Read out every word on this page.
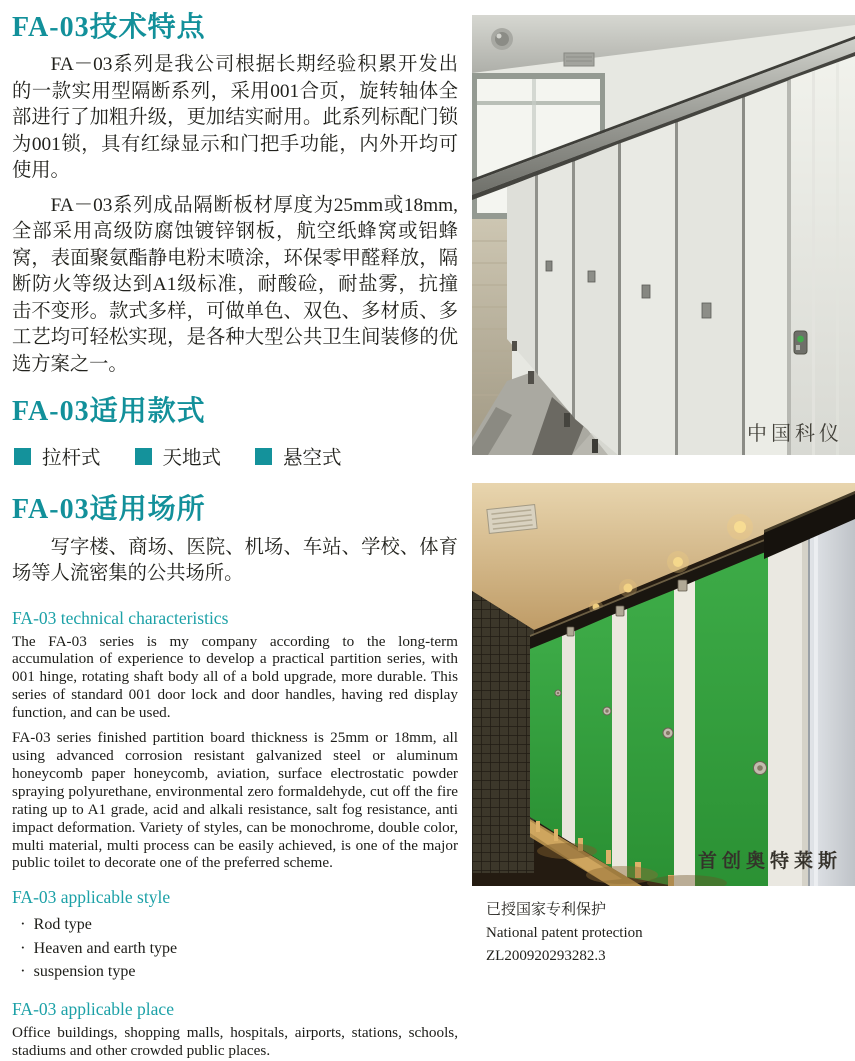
FA-03技术特点

FA－03系列是我公司根据长期经验积累开发出的一款实用型隔断系列，采用001合页，旋转轴体全部进行了加粗升级，更加结实耐用。此系列标配门锁为001锁，具有红绿显示和门把手功能，内外开均可使用。

FA－03系列成品隔断板材厚度为25mm或18mm,全部采用高级防腐蚀镀锌钢板，航空纸蜂窝或铝蜂窝，表面聚氨酯静电粉末喷涂，环保零甲醛释放，隔断防火等级达到A1级标准，耐酸硷，耐盐雾，抗撞击不变形。款式多样，可做单色、双色、多材质、多工艺均可轻松实现，是各种大型公共卫生间装修的优选方案之一。

FA-03适用款式
拉杆式	天地式	悬空式
FA-03适用场所

写字楼、商场、医院、机场、车站、学校、体育场等人流密集的公共场所。

FA-03 technical characteristics

The FA-03 series is my company according to the long-term accumulation of experience to develop a practical partition series, with 001 hinge, rotating shaft body all of a bold upgrade, more durable. This series of standard 001 door lock and door handles, having red display function, and can be used.

FA-03 series finished partition board thickness is 25mm or 18mm, all using advanced corrosion resistant galvanized steel or aluminum honeycomb paper honeycomb, aviation, surface electrostatic powder spraying polyurethane, environmental zero formaldehyde, cut off the fire rating up to A1 grade, acid and alkali resistance, salt fog resistance, anti impact deformation. Variety of styles, can be monochrome, double color, multi material, multi process can be easily achieved, is one of the major public toilet to decorate one of the preferred scheme.

FA-03 applicable style
· Rod type
· Heaven and earth type
· suspension type
FA-03 applicable place

Office buildings, shopping malls, hospitals, airports, stations, schools, stadiums and other crowded public places.

中国科仪
首创奥特莱斯
已授国家专利保护
National patent protection
ZL200920293282.3
